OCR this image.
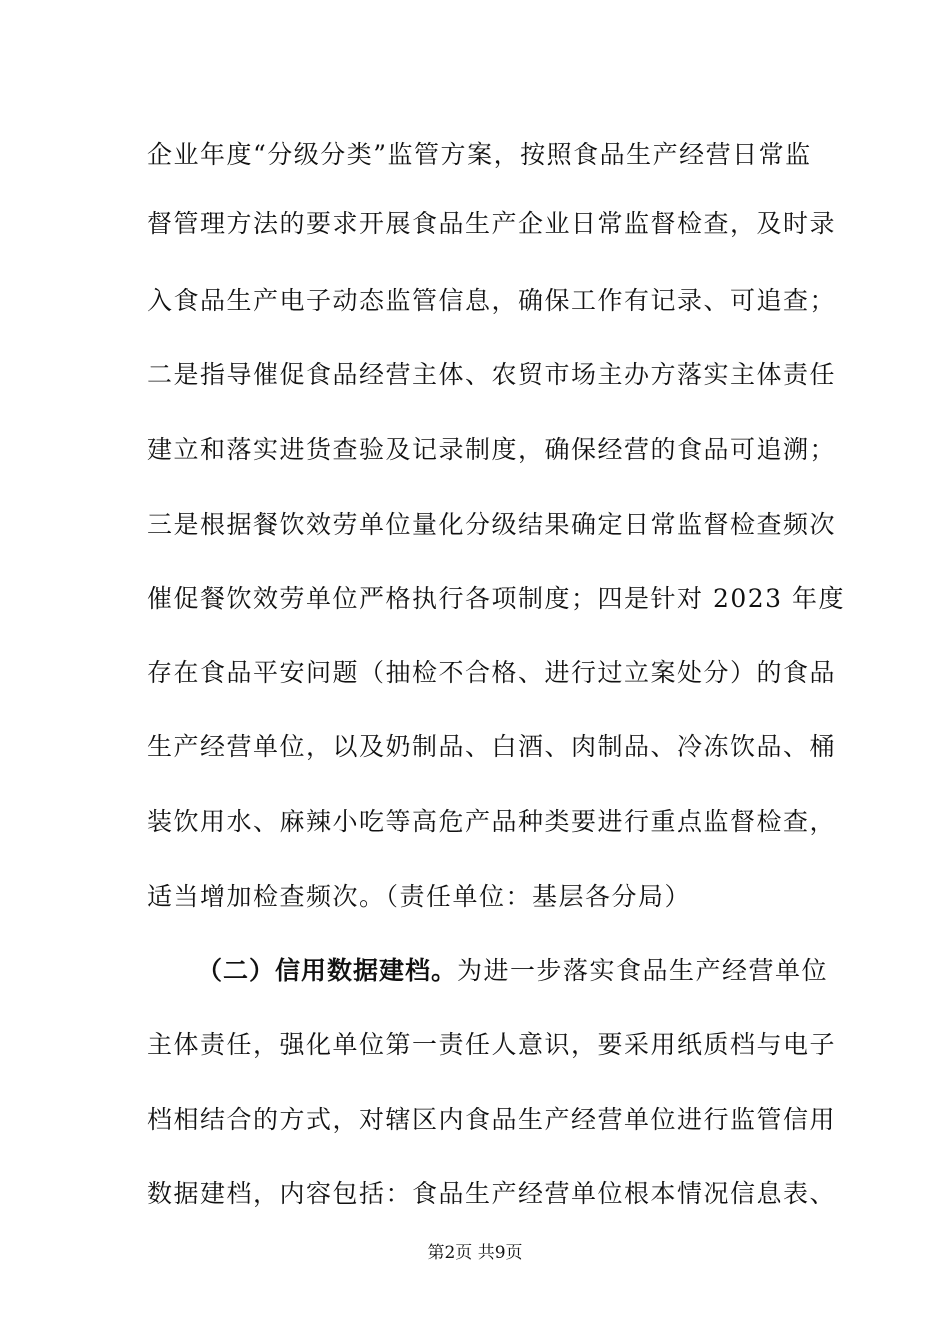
企业年度“分级分类”监管方案，按照食品生产经营日常监
督管理方法的要求开展食品生产企业日常监督检查，及时录
入食品生产电子动态监管信息，确保工作有记录、可追查；
二是指导催促食品经营主体、农贸市场主办方落实主体责任
建立和落实进货查验及记录制度，确保经营的食品可追溯；
三是根据餐饮效劳单位量化分级结果确定日常监督检查频次
催促餐饮效劳单位严格执行各项制度；四是针对 2023 年度
存在食品平安问题（抽检不合格、进行过立案处分）的食品
生产经营单位，以及奶制品、白酒、肉制品、冷冻饮品、桶
装饮用水、麻辣小吃等高危产品种类要进行重点监督检查，
适当增加检查频次。（责任单位：基层各分局）
（二）信用数据建档。为进一步落实食品生产经营单位
主体责任，强化单位第一责任人意识，要采用纸质档与电子
档相结合的方式，对辖区内食品生产经营单位进行监管信用
数据建档，内容包括：食品生产经营单位根本情况信息表、
第2页 共9页
